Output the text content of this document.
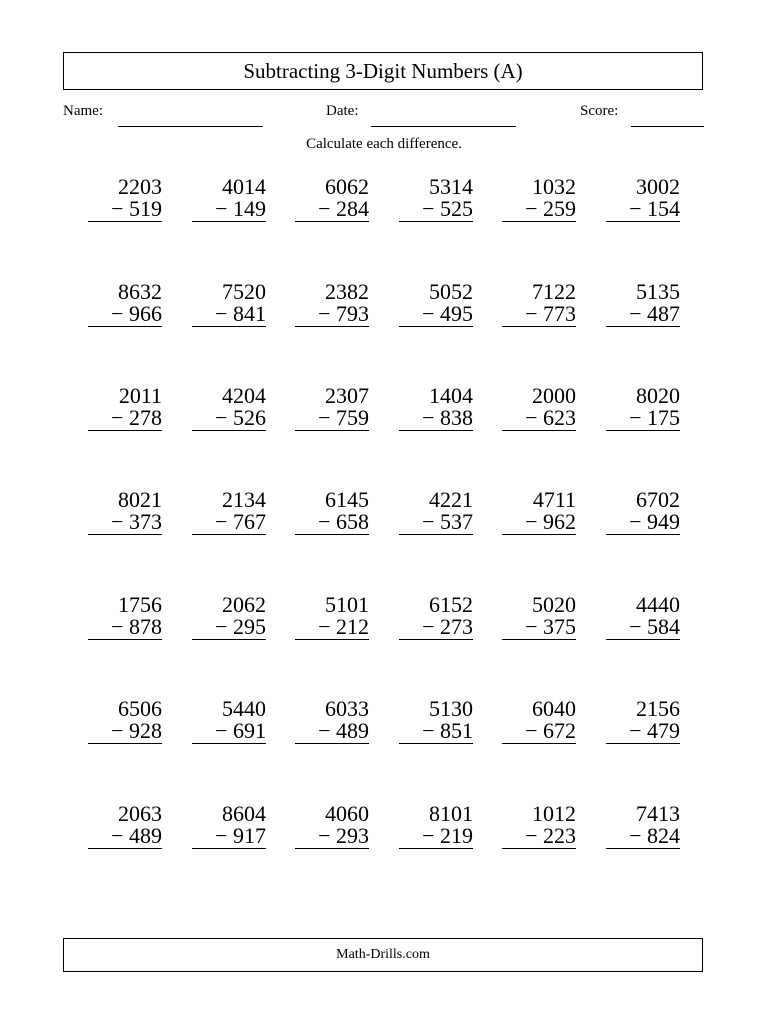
Subtracting 3-Digit Numbers (A)
Name:	Date:	Score:
Calculate each difference.
2203
− 519
4014
− 149
6062
− 284
5314
− 525
1032
− 259
3002
− 154
8632
− 966
7520
− 841
2382
− 793
5052
− 495
7122
− 773
5135
− 487
2011
− 278
4204
− 526
2307
− 759
1404
− 838
2000
− 623
8020
− 175
8021
− 373
2134
− 767
6145
− 658
4221
− 537
4711
− 962
6702
− 949
1756
− 878
2062
− 295
5101
− 212
6152
− 273
5020
− 375
4440
− 584
6506
− 928
5440
− 691
6033
− 489
5130
− 851
6040
− 672
2156
− 479
2063
− 489
8604
− 917
4060
− 293
8101
− 219
1012
− 223
7413
− 824
Math-Drills.com
